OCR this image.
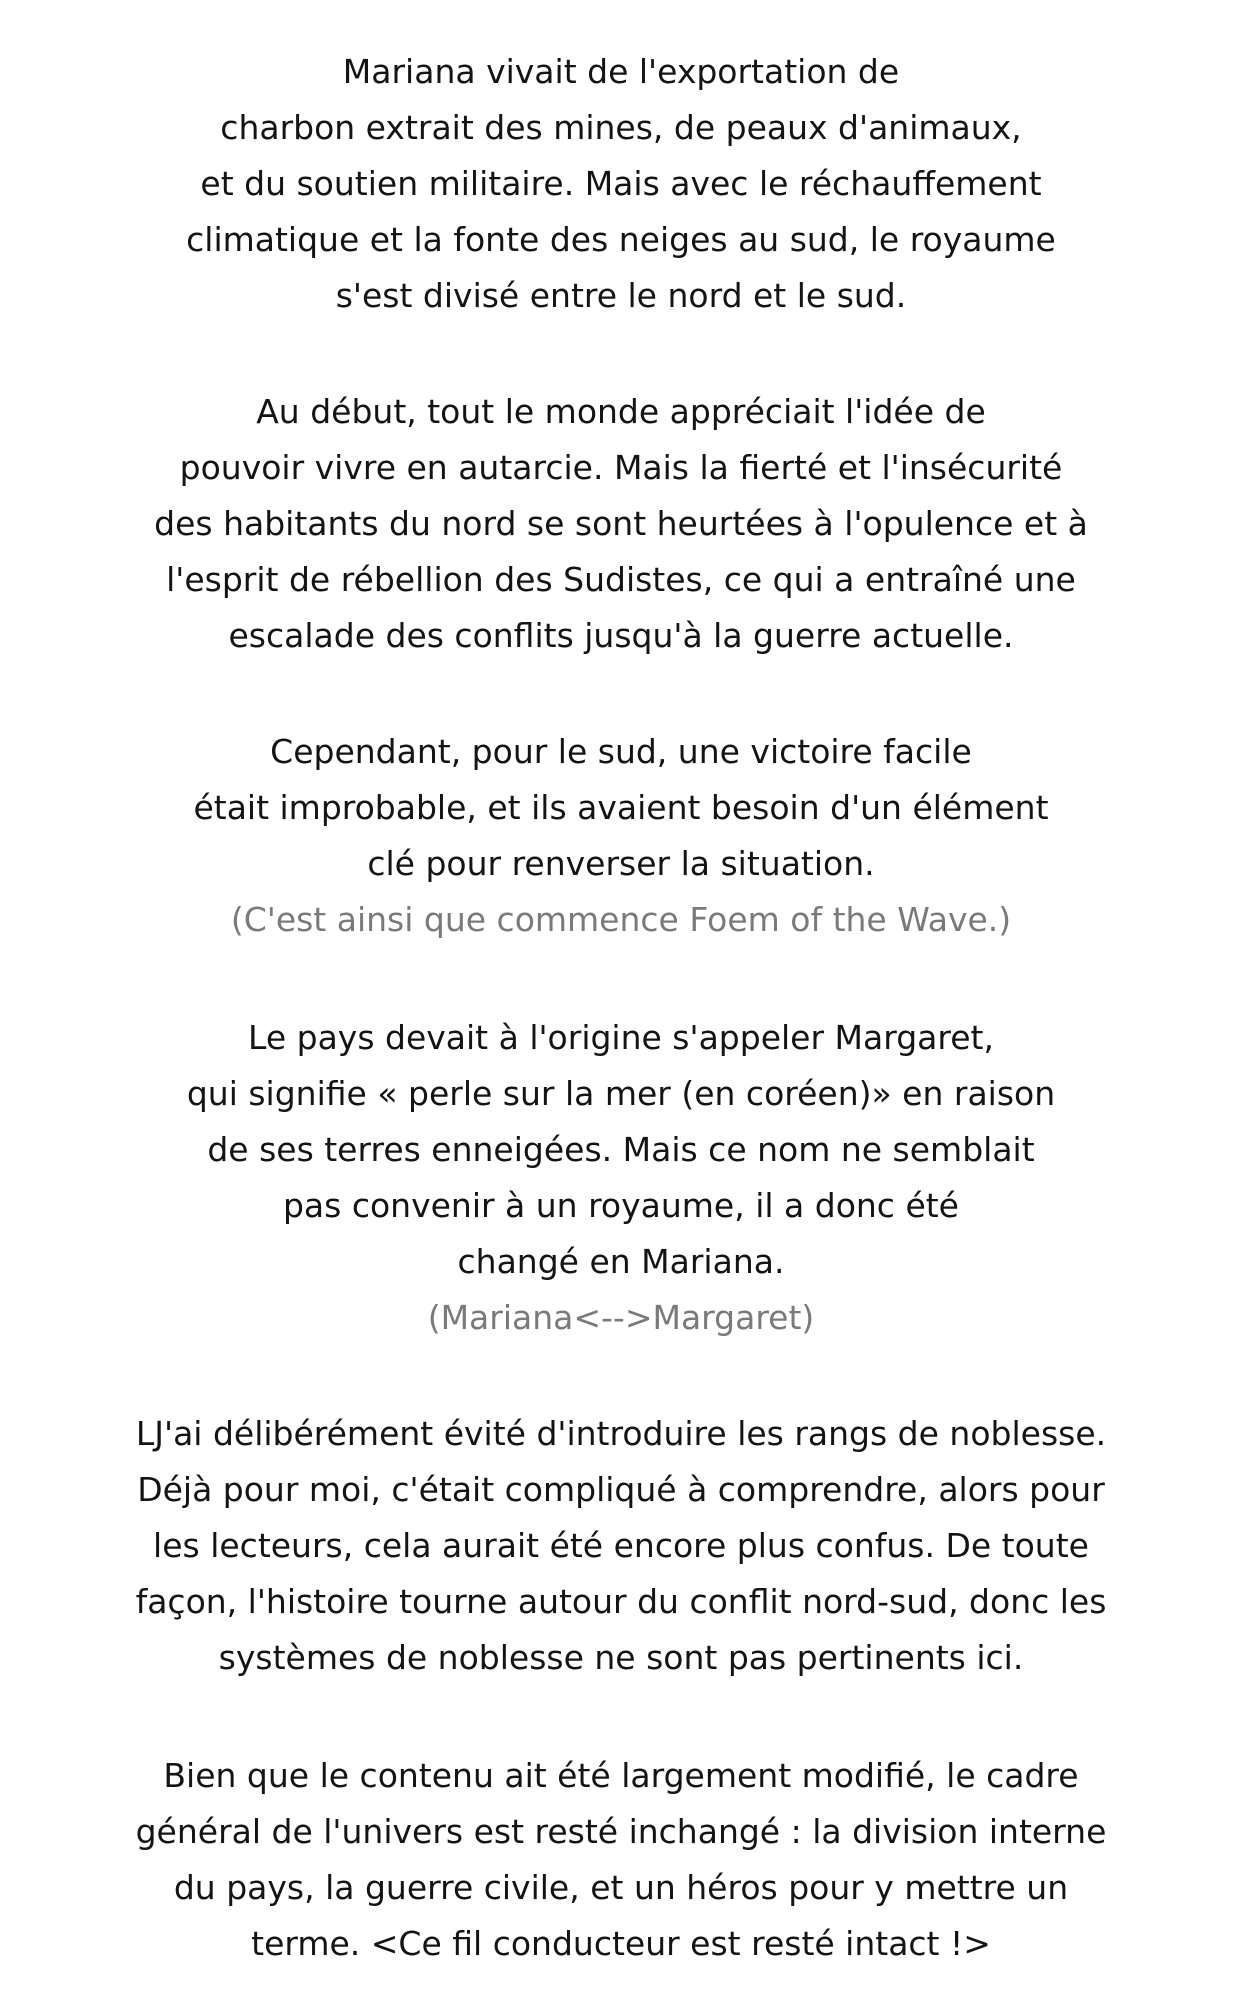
Mariana vivait de l'exportation de
charbon extrait des mines, de peaux d'animaux,
et du soutien militaire. Mais avec le réchauffement
climatique et la fonte des neiges au sud, le royaume
s'est divisé entre le nord et le sud.
Au début, tout le monde appréciait l'idée de
pouvoir vivre en autarcie. Mais la fierté et l'insécurité
des habitants du nord se sont heurtées à l'opulence et à
l'esprit de rébellion des Sudistes, ce qui a entraîné une
escalade des conflits jusqu'à la guerre actuelle.
Cependant, pour le sud, une victoire facile
était improbable, et ils avaient besoin d'un élément
clé pour renverser la situation.
(C'est ainsi que commence Foem of the Wave.)
Le pays devait à l'origine s'appeler Margaret,
qui signifie « perle sur la mer (en coréen)» en raison
de ses terres enneigées. Mais ce nom ne semblait
pas convenir à un royaume, il a donc été
changé en Mariana.
(Mariana<-->Margaret)
LJ'ai délibérément évité d'introduire les rangs de noblesse.
Déjà pour moi, c'était compliqué à comprendre, alors pour
les lecteurs, cela aurait été encore plus confus. De toute
façon, l'histoire tourne autour du conflit nord-sud, donc les
systèmes de noblesse ne sont pas pertinents ici.
Bien que le contenu ait été largement modifié, le cadre
général de l'univers est resté inchangé : la division interne
du pays, la guerre civile, et un héros pour y mettre un
terme. <Ce fil conducteur est resté intact !>
